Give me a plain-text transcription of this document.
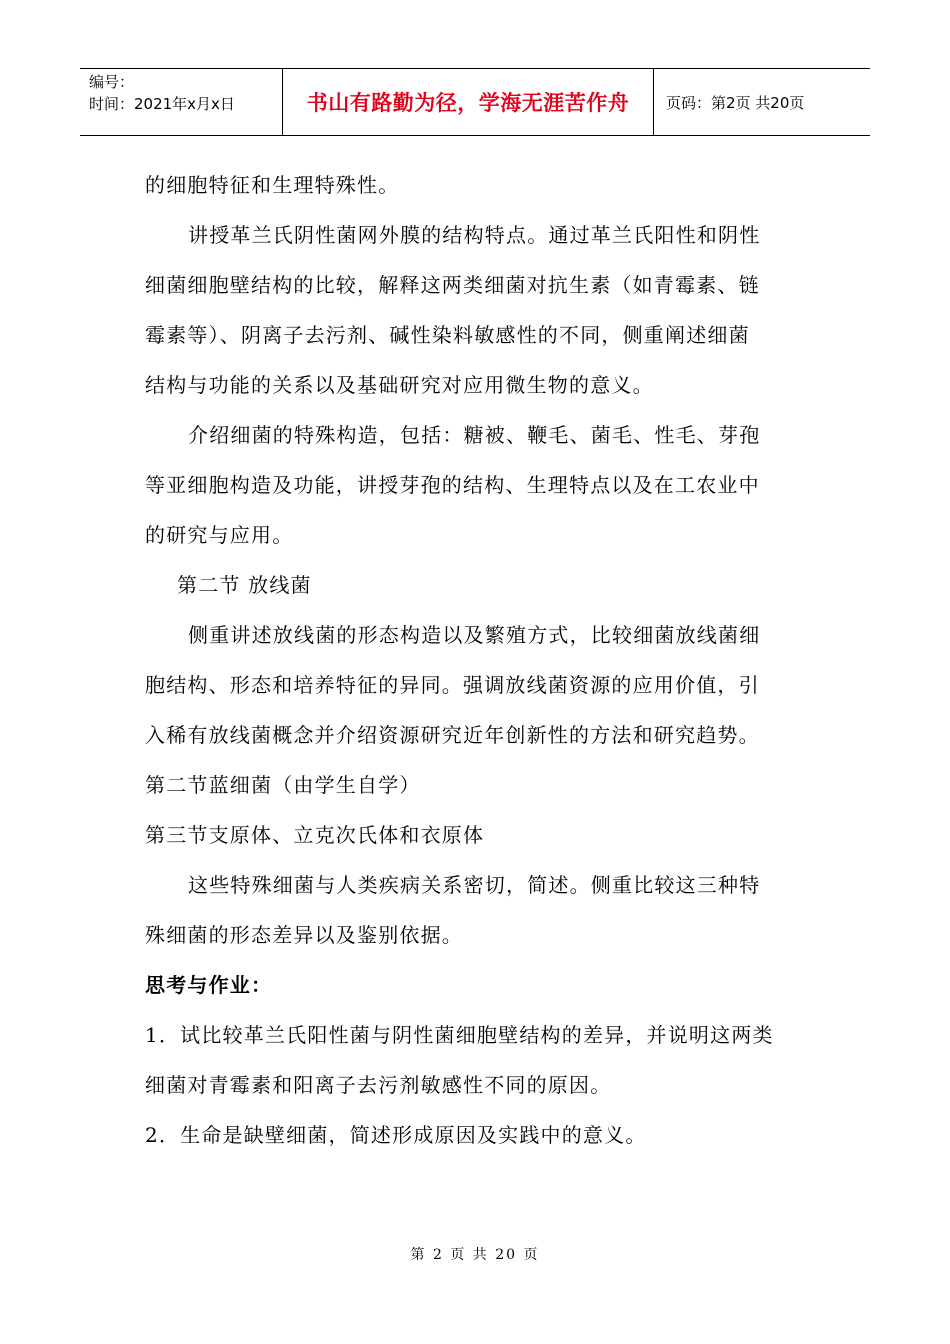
编号：
时间：2021年x月x日	书山有路勤为径，学海无涯苦作舟	页码：第2页 共20页

的细胞特征和生理特殊性。

讲授革兰氏阴性菌网外膜的结构特点。通过革兰氏阳性和阴性

细菌细胞壁结构的比较，解释这两类细菌对抗生素（如青霉素、链

霉素等）、阴离子去污剂、碱性染料敏感性的不同，侧重阐述细菌

结构与功能的关系以及基础研究对应用微生物的意义。

介绍细菌的特殊构造，包括：糖被、鞭毛、菌毛、性毛、芽孢

等亚细胞构造及功能，讲授芽孢的结构、生理特点以及在工农业中

的研究与应用。

第二节 放线菌

侧重讲述放线菌的形态构造以及繁殖方式，比较细菌放线菌细

胞结构、形态和培养特征的异同。强调放线菌资源的应用价值，引

入稀有放线菌概念并介绍资源研究近年创新性的方法和研究趋势。

第二节蓝细菌（由学生自学）

第三节支原体、立克次氏体和衣原体

这些特殊细菌与人类疾病关系密切，简述。侧重比较这三种特

殊细菌的形态差异以及鉴别依据。

思考与作业：

1．试比较革兰氏阳性菌与阴性菌细胞壁结构的差异，并说明这两类

细菌对青霉素和阳离子去污剂敏感性不同的原因。

2．生命是缺壁细菌，简述形成原因及实践中的意义。

第 2 页 共 20 页
